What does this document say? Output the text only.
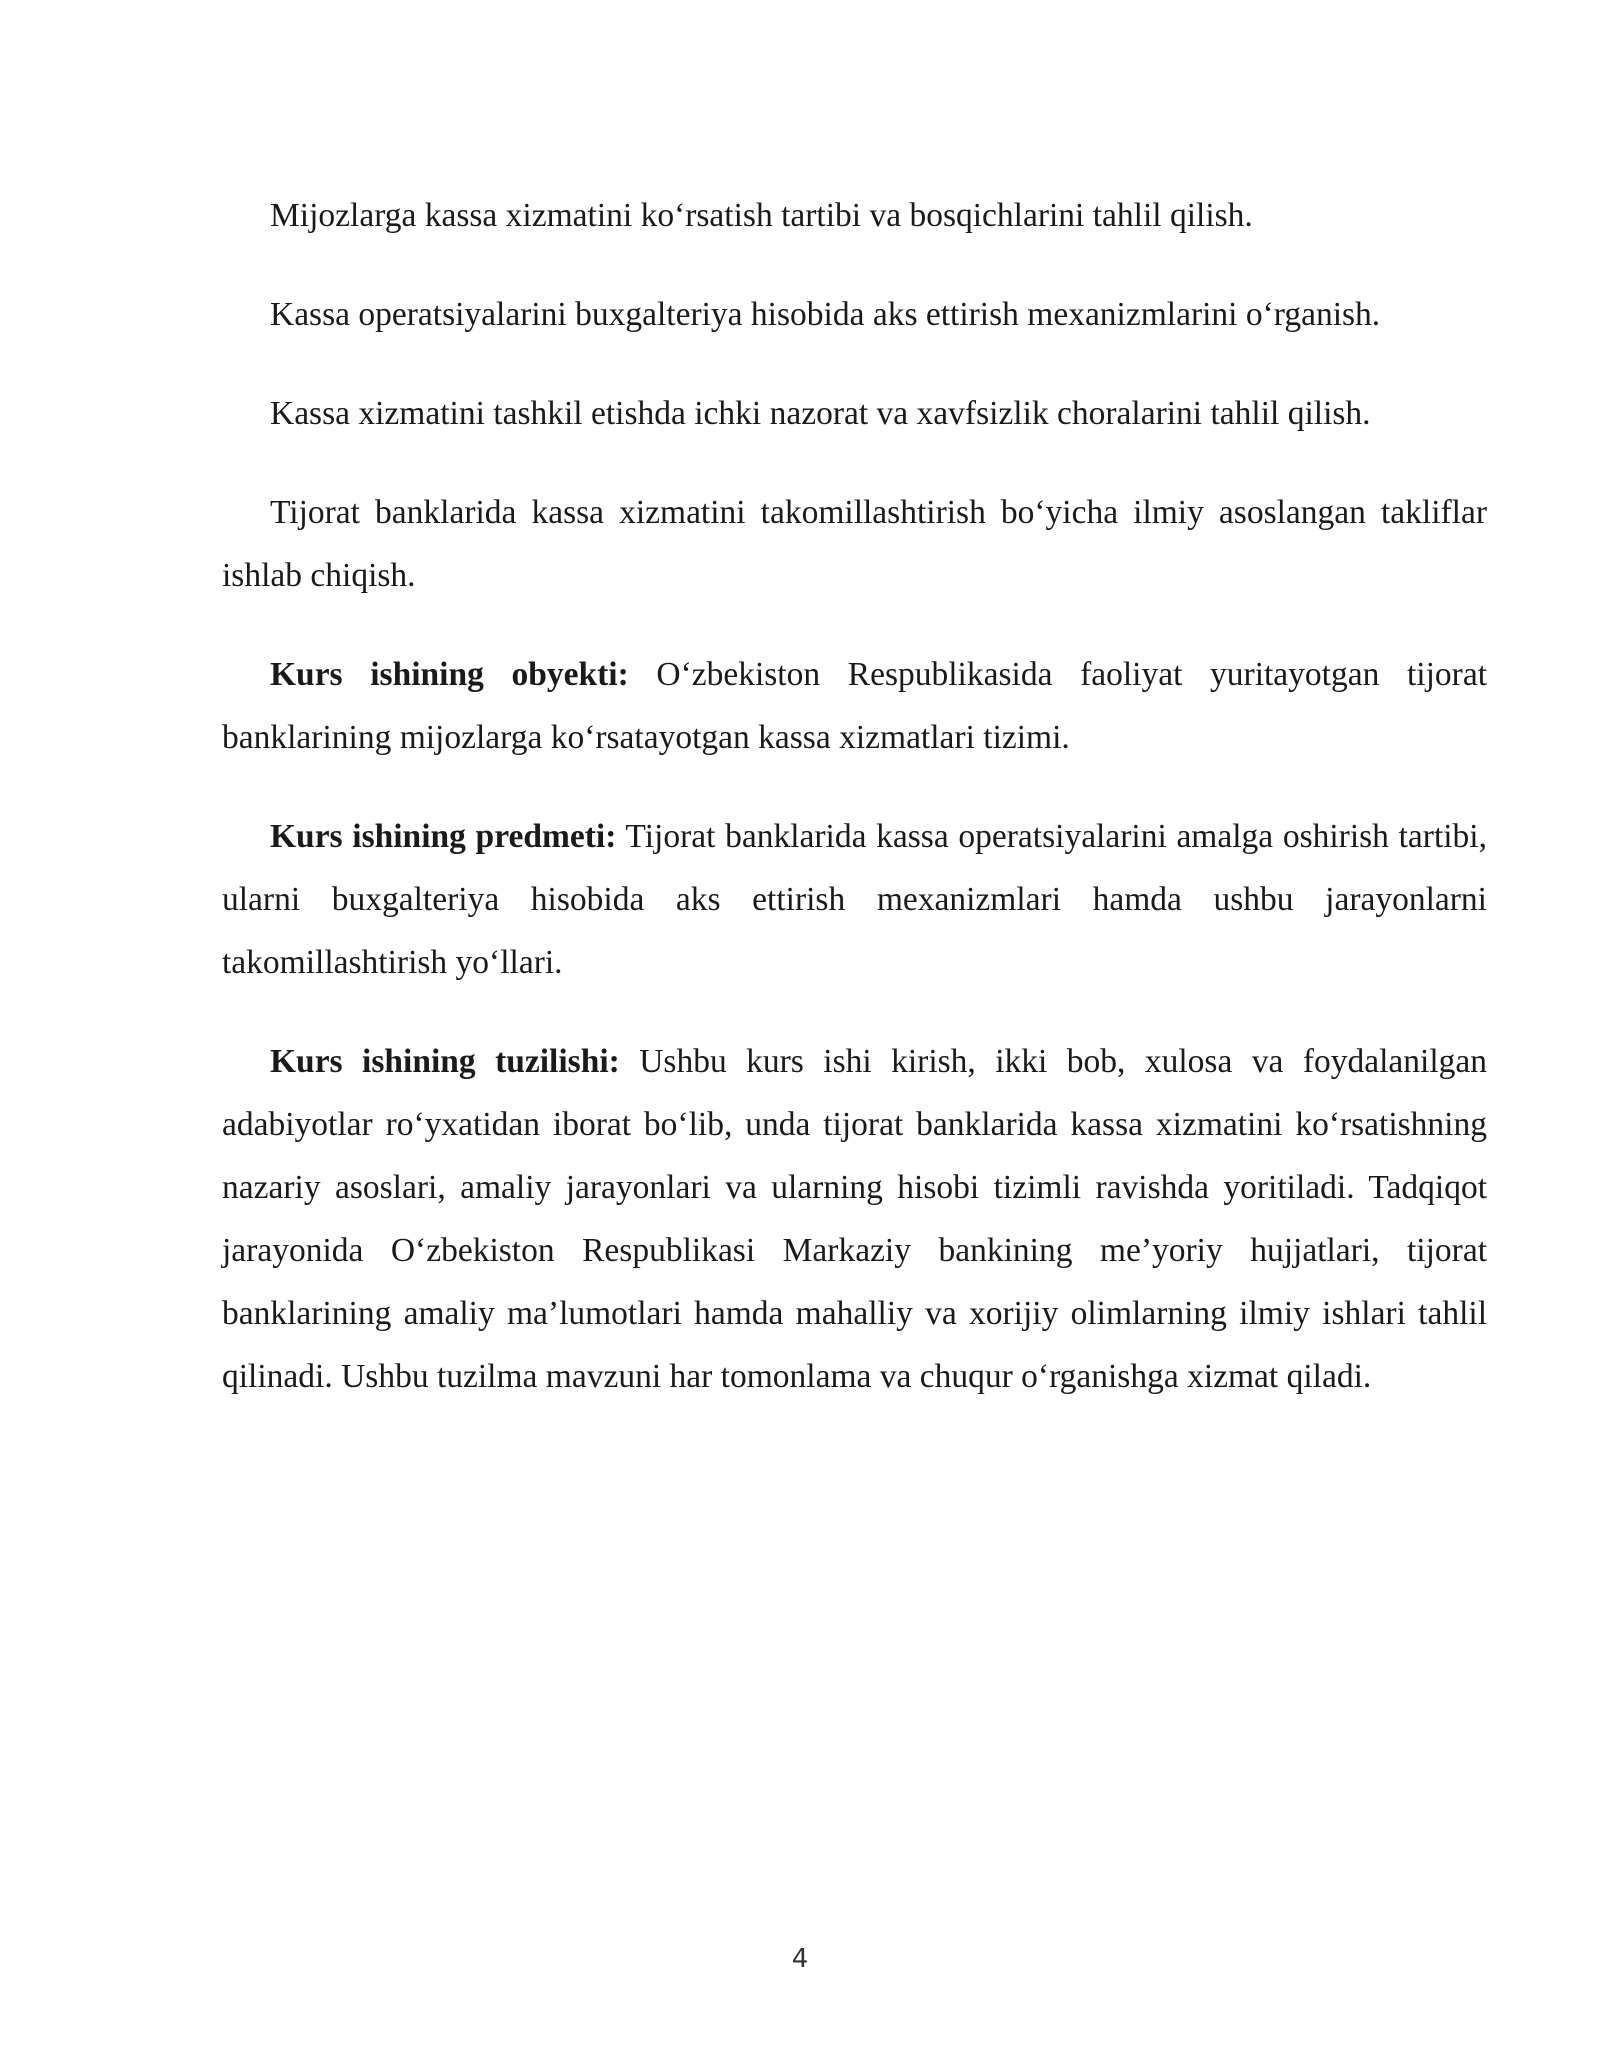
Mijozlarga kassa xizmatini ko‘rsatish tartibi va bosqichlarini tahlil qilish.

Kassa operatsiyalarini buxgalteriya hisobida aks ettirish mexanizmlarini o‘rganish.

Kassa xizmatini tashkil etishda ichki nazorat va xavfsizlik choralarini tahlil qilish.

Tijorat banklarida kassa xizmatini takomillashtirish bo‘yicha ilmiy asoslangan takliflar ishlab chiqish.

Kurs ishining obyekti: O‘zbekiston Respublikasida faoliyat yuritayotgan tijorat banklarining mijozlarga ko‘rsatayotgan kassa xizmatlari tizimi.

Kurs ishining predmeti: Tijorat banklarida kassa operatsiyalarini amalga oshirish tartibi, ularni buxgalteriya hisobida aks ettirish mexanizmlari hamda ushbu jarayonlarni takomillashtirish yo‘llari.

Kurs ishining tuzilishi: Ushbu kurs ishi kirish, ikki bob, xulosa va foydalanilgan adabiyotlar ro‘yxatidan iborat bo‘lib, unda tijorat banklarida kassa xizmatini ko‘rsatishning nazariy asoslari, amaliy jarayonlari va ularning hisobi tizimli ravishda yoritiladi. Tadqiqot jarayonida O‘zbekiston Respublikasi Markaziy bankining me’yoriy hujjatlari, tijorat banklarining amaliy ma’lumotlari hamda mahalliy va xorijiy olimlarning ilmiy ishlari tahlil qilinadi. Ushbu tuzilma mavzuni har tomonlama va chuqur o‘rganishga xizmat qiladi.

4
